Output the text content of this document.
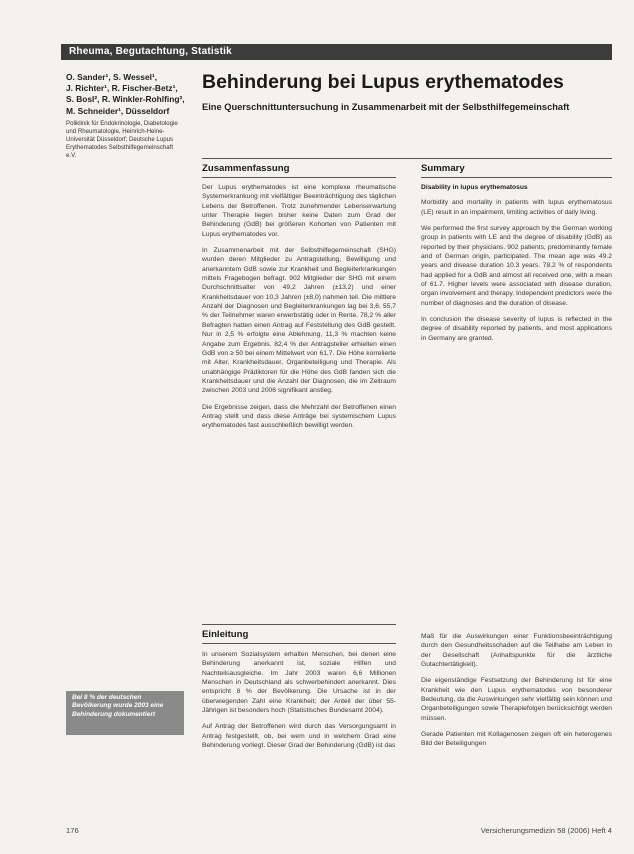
Rheuma, Begutachtung, Statistik
O. Sander¹, S. Wessel¹,
J. Richter¹, R. Fischer-Betz¹,
S. Bosl², R. Winkler-Rohlfing²,
M. Schneider¹, Düsseldorf
Poliklinik für Endokrinologie, Diabetologie und Rheumatologie, Heinrich-Heine-Universität Düsseldorf; Deutsche Lupus Erythematodes Selbsthilfegemeinschaft e.V.
Behinderung bei Lupus erythematodes
Eine Querschnittuntersuchung in Zusammenarbeit mit der Selbsthilfegemeinschaft
Zusammenfassung	Summary

Der Lupus erythematodes ist eine komplexe rheumatische Systemerkrankung mit vielfältiger Beeinträchtigung des täglichen Lebens der Betroffenen. Trotz zunehmender Lebenserwartung unter Therapie liegen bisher keine Daten zum Grad der Behinderung (GdB) bei größeren Kohorten von Patienten mit Lupus erythematodes vor.

In Zusammenarbeit mit der Selbsthilfegemeinschaft (SHG) wurden deren Mitglieder zu Antragstellung, Bewilligung und anerkanntem GdB sowie zur Krankheit und Begleiterkrankungen mittels Fragebogen befragt. 902 Mitglieder der SHG mit einem Durchschnittsalter von 49,2 Jahren (±13,2) und einer Krankheitsdauer von 10,3 Jahren (±8,0) nahmen teil. Die mittlere Anzahl der Diagnosen und Begleiterkrankungen lag bei 3,6. 55,7 % der Teilnehmer waren erwerbstätig oder in Rente. 78,2 % aller Befragten hatten einen Antrag auf Feststellung des GdB gestellt. Nur in 2,5 % erfolgte eine Ablehnung, 11,3 % machten keine Angabe zum Ergebnis. 82,4 % der Antragsteller erhielten einen GdB von ≥ 50 bei einem Mittelwert von 61,7. Die Höhe korrelierte mit Alter, Krankheitsdauer, Organbeteiligung und Therapie. Als unabhängige Prädiktoren für die Höhe des GdB fanden sich die Krankheitsdauer und die Anzahl der Diagnosen, die im Zeitraum zwischen 2003 und 2006 signifikant anstieg.

Die Ergebnisse zeigen, dass die Mehrzahl der Betroffenen einen Antrag stellt und dass diese Anträge bei systemischem Lupus erythematodes fast ausschließlich bewilligt werden.

Disability in lupus erythematosus

Morbidity and mortality in patients with lupus erythematosus (LE) result in an impairment, limiting activities of daily living.

We performed the first survey approach by the German working group in patients with LE and the degree of disability (GdB) as reported by their physicians. 902 patients, predominantly female and of German origin, participated. The mean age was 49.2 years and disease duration 10.3 years. 78.2 % of respondents had applied for a GdB and almost all received one, with a mean of 61.7. Higher levels were associated with disease duration, organ involvement and therapy. Independent predictors were the number of diagnoses and the duration of disease.

In conclusion the disease severity of lupus is reflected in the degree of disability reported by patients, and most applications in Germany are granted.

Einleitung

In unserem Sozialsystem erhalten Menschen, bei denen eine Behinderung anerkannt ist, soziale Hilfen und Nachteilsausgleiche. Im Jahr 2003 waren 6,6 Millionen Menschen in Deutschland als schwerbehindert anerkannt. Dies entspricht 8 % der Bevölkerung. Die Ursache ist in der überwiegenden Zahl eine Krankheit; der Anteil der über 55-Jährigen ist besonders hoch (Statistisches Bundesamt 2004).

Auf Antrag der Betroffenen wird durch das Versorgungsamt in Antrag festgestellt, ob, bei wem und in welchem Grad eine Behinderung vorliegt. Dieser Grad der Behinderung (GdB) ist das

Maß für die Auswirkungen einer Funktionsbeeinträchtigung durch den Gesundheitsschaden auf die Teilhabe am Leben in der Gesellschaft (Anhaltspunkte für die ärztliche Gutachtertätigkeit).

Die eigenständige Festsetzung der Behinderung ist für eine Krankheit wie den Lupus erythematodes von besonderer Bedeutung, da die Auswirkungen sehr vielfältig sein können und Organbeteiligungen sowie Therapiefolgen berücksichtigt werden müssen.

Gerade Patienten mit Kollagenosen zeigen oft ein heterogenes Bild der Beteiligungen

Bei 8 % der deutschen Bevölkerung wurde 2003 eine Behinderung dokumentiert
176	Versicherungsmedizin 58 (2006) Heft 4
